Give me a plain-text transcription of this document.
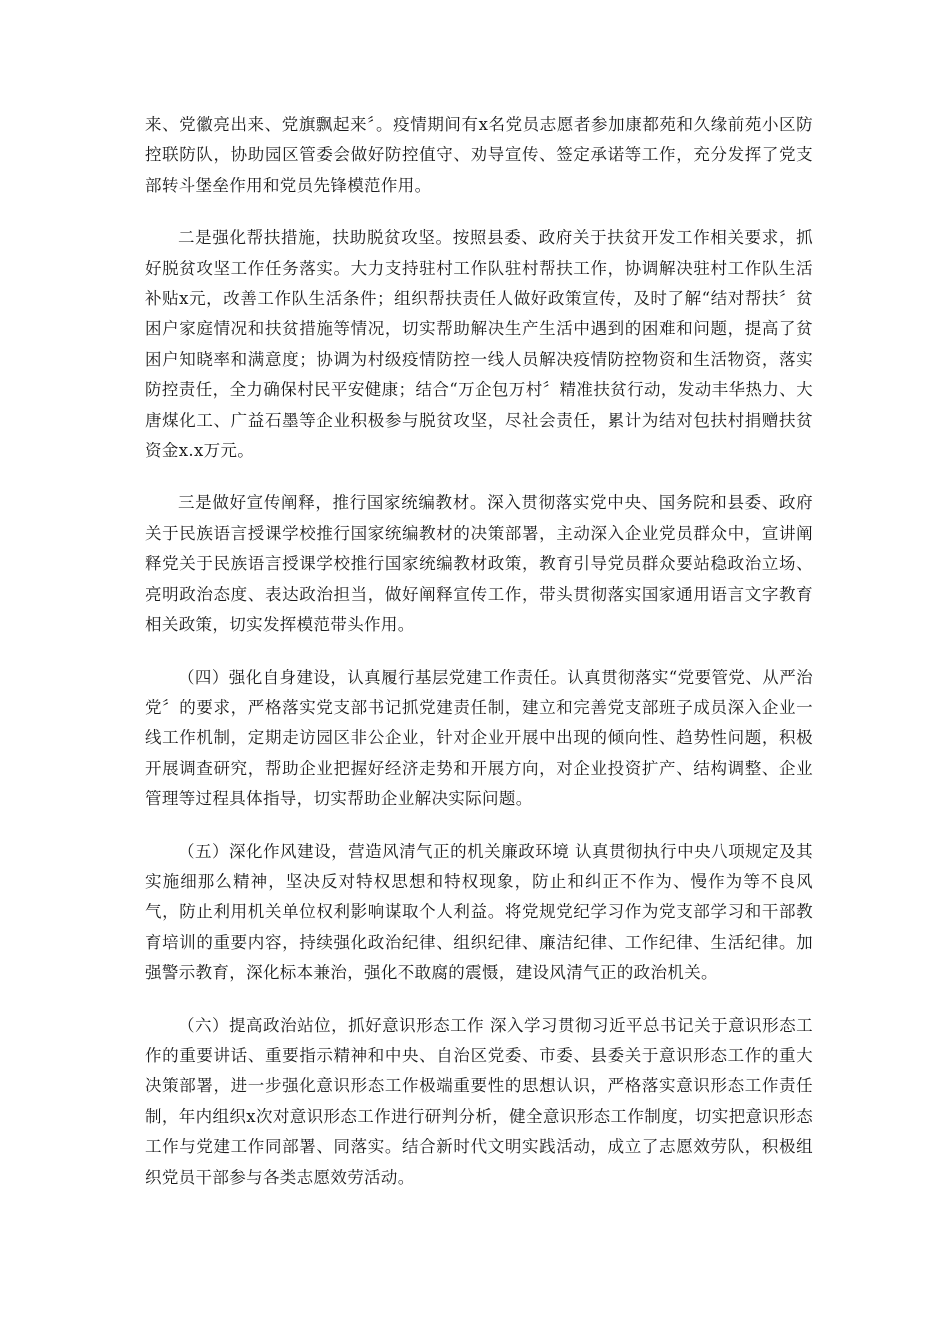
来、党徽亮出来、党旗飘起来〞。疫情期间有x名党员志愿者参加康都苑和久缘前苑小区防控联防队，协助园区管委会做好防控值守、劝导宣传、签定承诺等工作，充分发挥了党支部转斗堡垒作用和党员先锋模范作用。

二是强化帮扶措施，扶助脱贫攻坚。按照县委、政府关于扶贫开发工作相关要求，抓好脱贫攻坚工作任务落实。大力支持驻村工作队驻村帮扶工作，协调解决驻村工作队生活补贴x元，改善工作队生活条件；组织帮扶责任人做好政策宣传，及时了解“结对帮扶〞贫困户家庭情况和扶贫措施等情况，切实帮助解决生产生活中遇到的困难和问题，提高了贫困户知晓率和满意度；协调为村级疫情防控一线人员解决疫情防控物资和生活物资，落实防控责任，全力确保村民平安健康；结合“万企包万村〞精准扶贫行动，发动丰华热力、大唐煤化工、广益石墨等企业积极参与脱贫攻坚，尽社会责任，累计为结对包扶村捐赠扶贫资金x.x万元。

三是做好宣传阐释，推行国家统编教材。深入贯彻落实党中央、国务院和县委、政府关于民族语言授课学校推行国家统编教材的决策部署，主动深入企业党员群众中，宣讲阐释党关于民族语言授课学校推行国家统编教材政策，教育引导党员群众要站稳政治立场、亮明政治态度、表达政治担当，做好阐释宣传工作，带头贯彻落实国家通用语言文字教育相关政策，切实发挥模范带头作用。

（四）强化自身建设，认真履行基层党建工作责任。认真贯彻落实“党要管党、从严治党〞的要求，严格落实党支部书记抓党建责任制，建立和完善党支部班子成员深入企业一线工作机制，定期走访园区非公企业，针对企业开展中出现的倾向性、趋势性问题，积极开展调查研究，帮助企业把握好经济走势和开展方向，对企业投资扩产、结构调整、企业管理等过程具体指导，切实帮助企业解决实际问题。

（五）深化作风建设，营造风清气正的机关廉政环境 认真贯彻执行中央八项规定及其实施细那么精神，坚决反对特权思想和特权现象，防止和纠正不作为、慢作为等不良风气，防止利用机关单位权利影响谋取个人利益。将党规党纪学习作为党支部学习和干部教育培训的重要内容，持续强化政治纪律、组织纪律、廉洁纪律、工作纪律、生活纪律。加强警示教育，深化标本兼治，强化不敢腐的震慑，建设风清气正的政治机关。

（六）提高政治站位，抓好意识形态工作 深入学习贯彻习近平总书记关于意识形态工作的重要讲话、重要指示精神和中央、自治区党委、市委、县委关于意识形态工作的重大决策部署，进一步强化意识形态工作极端重要性的思想认识，严格落实意识形态工作责任制，年内组织x次对意识形态工作进行研判分析，健全意识形态工作制度，切实把意识形态工作与党建工作同部署、同落实。结合新时代文明实践活动，成立了志愿效劳队，积极组织党员干部参与各类志愿效劳活动。
